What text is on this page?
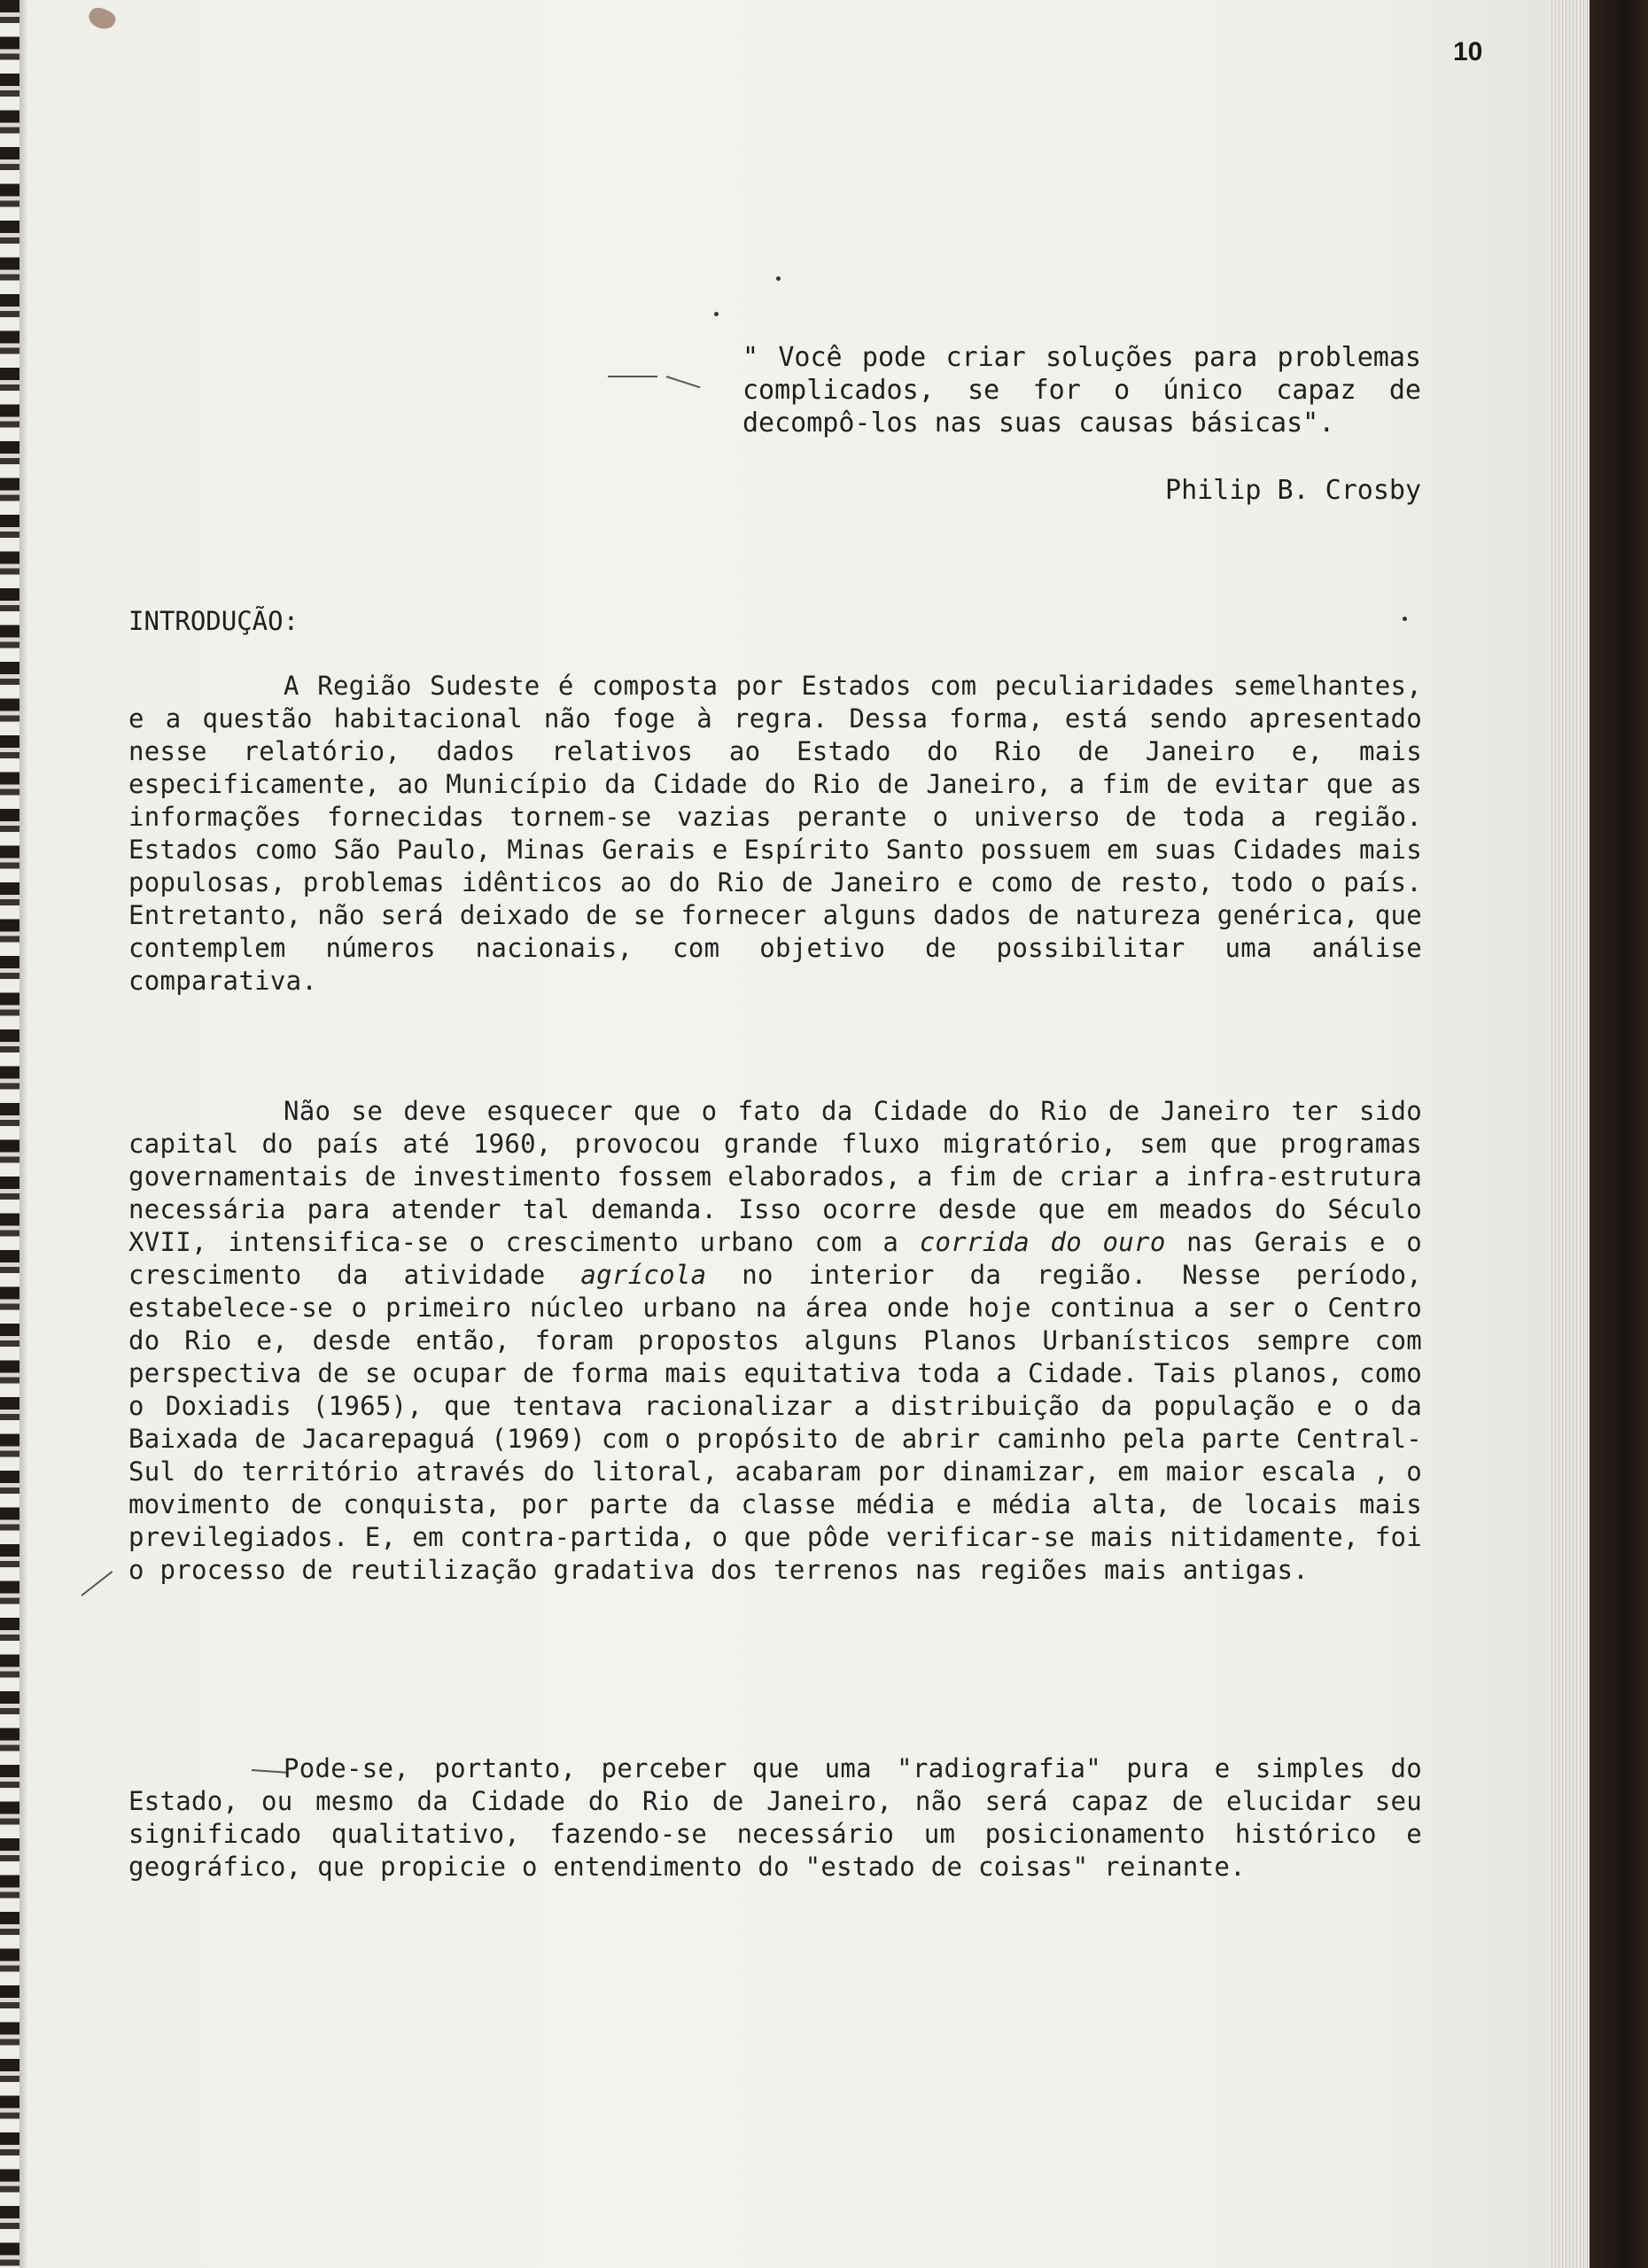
10
" Você pode criar soluções para problemas complicados, se for o único capaz de decompô-los nas suas causas básicas".
Philip B. Crosby
INTRODUÇÃO:

A Região Sudeste é composta por Estados com peculiaridades semelhantes, e a questão habitacional não foge à regra. Dessa forma, está sendo apresentado nesse relatório, dados relativos ao Estado do Rio de Janeiro e, mais especificamente, ao Município da Cidade do Rio de Janeiro, a fim de evitar que as informações fornecidas tornem-se vazias perante o universo de toda a região. Estados como São Paulo, Minas Gerais e Espírito Santo possuem em suas Cidades mais populosas, problemas idênticos ao do Rio de Janeiro e como de resto, todo o país. Entretanto, não será deixado de se fornecer alguns dados de natureza genérica, que contemplem números nacionais, com objetivo de possibilitar uma análise comparativa.

Não se deve esquecer que o fato da Cidade do Rio de Janeiro ter sido capital do país até 1960, provocou grande fluxo migratório, sem que programas governamentais de investimento fossem elaborados, a fim de criar a infra-estrutura necessária para atender tal demanda. Isso ocorre desde que em meados do Século XVII, intensifica-se o crescimento urbano com a corrida do ouro nas Gerais e o crescimento da atividade agrícola no interior da região. Nesse período, estabelece-se o primeiro núcleo urbano na área onde hoje continua a ser o Centro do Rio e, desde então, foram propostos alguns Planos Urbanísticos sempre com perspectiva de se ocupar de forma mais equitativa toda a Cidade. Tais planos, como o Doxiadis (1965), que tentava racionalizar a distribuição da população e o da Baixada de Jacarepaguá (1969) com o propósito de abrir caminho pela parte Central-Sul do território através do litoral, acabaram por dinamizar, em maior escala , o movimento de conquista, por parte da classe média e média alta, de locais mais previlegiados. E, em contra-partida, o que pôde verificar-se mais nitidamente, foi o processo de reutilização gradativa dos terrenos nas regiões mais antigas.

Pode-se, portanto, perceber que uma "radiografia" pura e simples do Estado, ou mesmo da Cidade do Rio de Janeiro, não será capaz de elucidar seu significado qualitativo, fazendo-se necessário um posicionamento histórico e geográfico, que propicie o entendimento do "estado de coisas" reinante.
